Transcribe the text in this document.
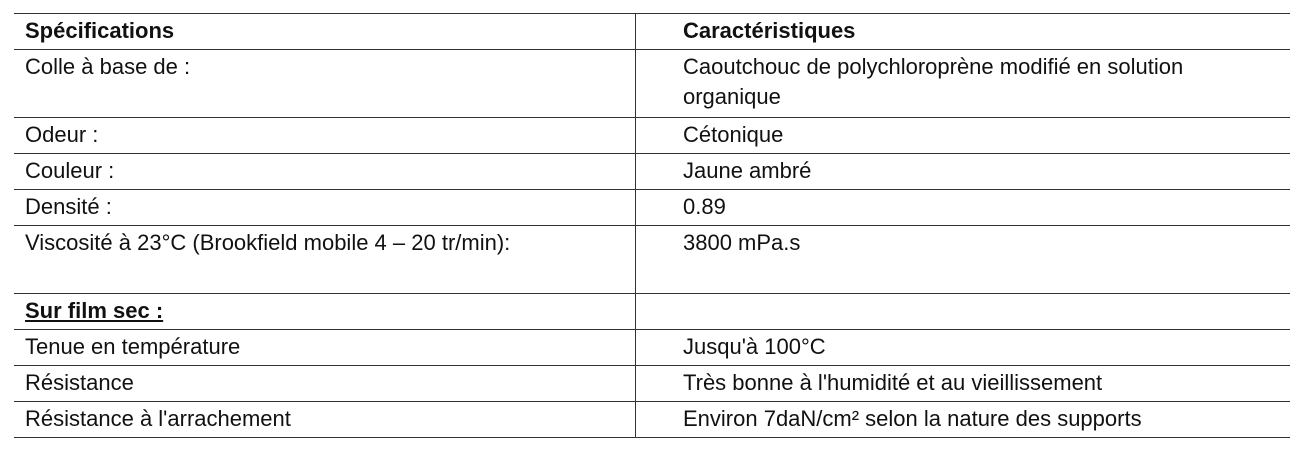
Spécifications	Caractéristiques
Colle à base de :	Caoutchouc de polychloroprène modifié en solution organique
Odeur :	Cétonique
Couleur :	Jaune ambré
Densité :	0.89
Viscosité à 23°C (Brookfield mobile 4 – 20 tr/min):	3800 mPa.s
Sur film sec :	
Tenue en température	Jusqu'à 100°C
Résistance	Très bonne à l'humidité et au vieillissement
Résistance à l'arrachement	Environ 7daN/cm² selon la nature des supports
